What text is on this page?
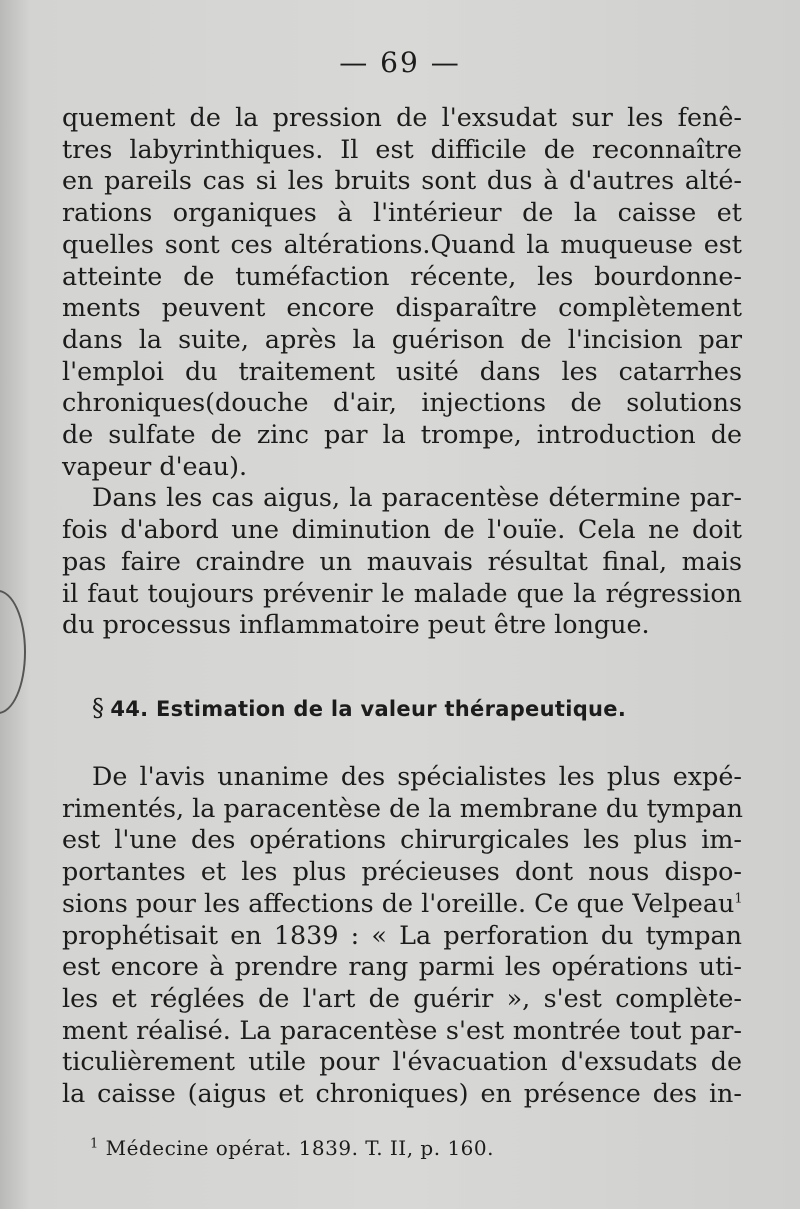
— 69 —
quement de la pression de l'exsudat sur les fenê-
tres labyrinthiques. Il est difficile de reconnaître
en pareils cas si les bruits sont dus à d'autres alté-
rations organiques à l'intérieur de la caisse et
quelles sont ces altérations.Quand la muqueuse est
atteinte de tuméfaction récente, les bourdonne-
ments peuvent encore disparaître complètement
dans la suite, après la guérison de l'incision par
l'emploi du traitement usité dans les catarrhes
chroniques(douche d'air, injections de solutions
de sulfate de zinc par la trompe, introduction de
vapeur d'eau).
Dans les cas aigus, la paracentèse détermine par-
fois d'abord une diminution de l'ouïe. Cela ne doit
pas faire craindre un mauvais résultat final, mais
il faut toujours prévenir le malade que la régression
du processus inflammatoire peut être longue.
§ 44. Estimation de la valeur thérapeutique.
De l'avis unanime des spécialistes les plus expé-
rimentés, la paracentèse de la membrane du tympan
est l'une des opérations chirurgicales les plus im-
portantes et les plus précieuses dont nous dispo-
sions pour les affections de l'oreille. Ce que Velpeau$^1$
prophétisait en 1839 : « La perforation du tympan
est encore à prendre rang parmi les opérations uti-
les et réglées de l'art de guérir », s'est complète-
ment réalisé. La paracentèse s'est montrée tout par-
ticulièrement utile pour l'évacuation d'exsudats de
la caisse (aigus et chroniques) en présence des in-
$^1$ Médecine opérat. 1839. T. II, p. 160.
